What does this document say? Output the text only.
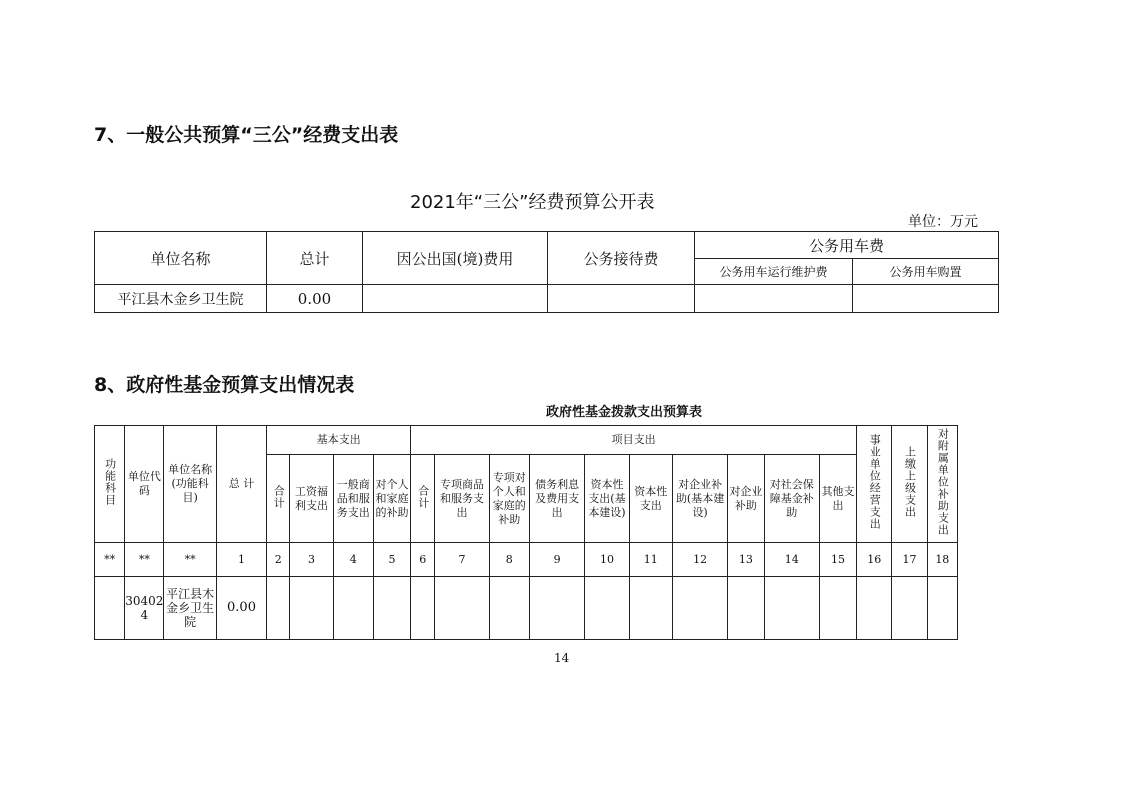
7、一般公共预算“三公”经费支出表
2021年“三公”经费预算公开表
单位：万元
单位名称	总计	因公出国(境)费用	公务接待费	公务用车费	
				公务用车运行维护费	公务用车购置
平江县木金乡卫生院	0.00				
8、政府性基金预算支出情况表
政府性基金拨款支出预算表
功能科目	单位代码	单位名称(功能科目)	总 计	基本支出				项目支出										事业单位经营支出	上缴上级支出	对附属单位补助支出
				合计	工资福利支出	一般商品和服务支出	对个人和家庭的补助	合计	专项商品和服务支出	专项对个人和家庭的补助	债务利息及费用支出	资本性支出(基本建设)	资本性支出	对企业补助(基本建设)	对企业补助	对社会保障基金补助	其他支出			
**	**	**	1	2	3	4	5	6	7	8	9	10	11	12	13	14	15	16	17	18
	304024	平江县木金乡卫生院	0.00																	
14
